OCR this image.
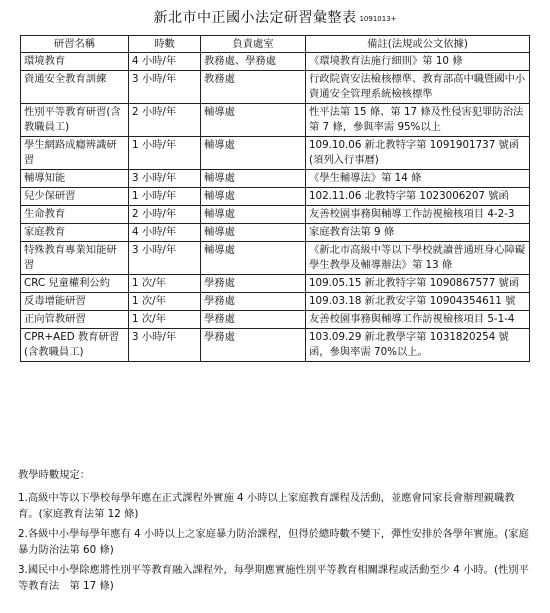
新北市中正國小法定研習彙整表 1091013+
研習名稱	時數	負責處室	備註(法規或公文依據)
環境教育	4 小時/年	教務處、學務處	《環境教育法施行細則》第 10 條
資通安全教育訓練	3 小時/年	教務處	行政院資安法檢核標準、教育部高中職暨國中小資通安全管理系統檢核標準
性別平等教育研習(含教職員工)	2 小時/年	輔導處	性平法第 15 條、第 17 條及性侵害犯罪防治法第 7 條，參與率需 95%以上
學生網路成癮辨識研習	1 小時/年	輔導處	109.10.06 新北教特字第 1091901737 號函(須列入行事曆)
輔導知能	3 小時/年	輔導處	《學生輔導法》第 14 條
兒少保研習	1 小時/年	輔導處	102.11.06 北教特字第 1023006207 號函
生命教育	2 小時/年	輔導處	友善校園事務與輔導工作訪視檢核項目 4-2-3
家庭教育	4 小時/年	輔導處	家庭教育法第 9 條
特殊教育專業知能研習	3 小時/年	輔導處	《新北市高級中等以下學校就讀普通班身心障礙學生教學及輔導辦法》第 13 條
CRC 兒童權利公約	1 次/年	學務處	109.05.15 新北教特字第 1090867577 號函
反毒增能研習	1 次/年	學務處	109.03.18 新北教安字第 10904354611 號
正向管教研習	1 次/年	學務處	友善校園事務與輔導工作訪視檢核項目 5-1-4
CPR+AED 教育研習(含教職員工)	3 小時/年	學務處	103.09.29 新北教學字第 1031820254 號函，參與率需 70%以上。

教學時數規定：

1.高級中等以下學校每學年應在正式課程外實施 4 小時以上家庭教育課程及活動，並應會同家長會辦理親職教育。(家庭教育法第 12 條)

2.各級中小學每學年應有 4 小時以上之家庭暴力防治課程，但得於總時數不變下，彈性安排於各學年實施。(家庭暴力防治法第 60 條)

3.國民中小學除應將性別平等教育融入課程外，每學期應實施性別平等教育相關課程或活動至少 4 小時。(性別平等教育法　第 17 條)
